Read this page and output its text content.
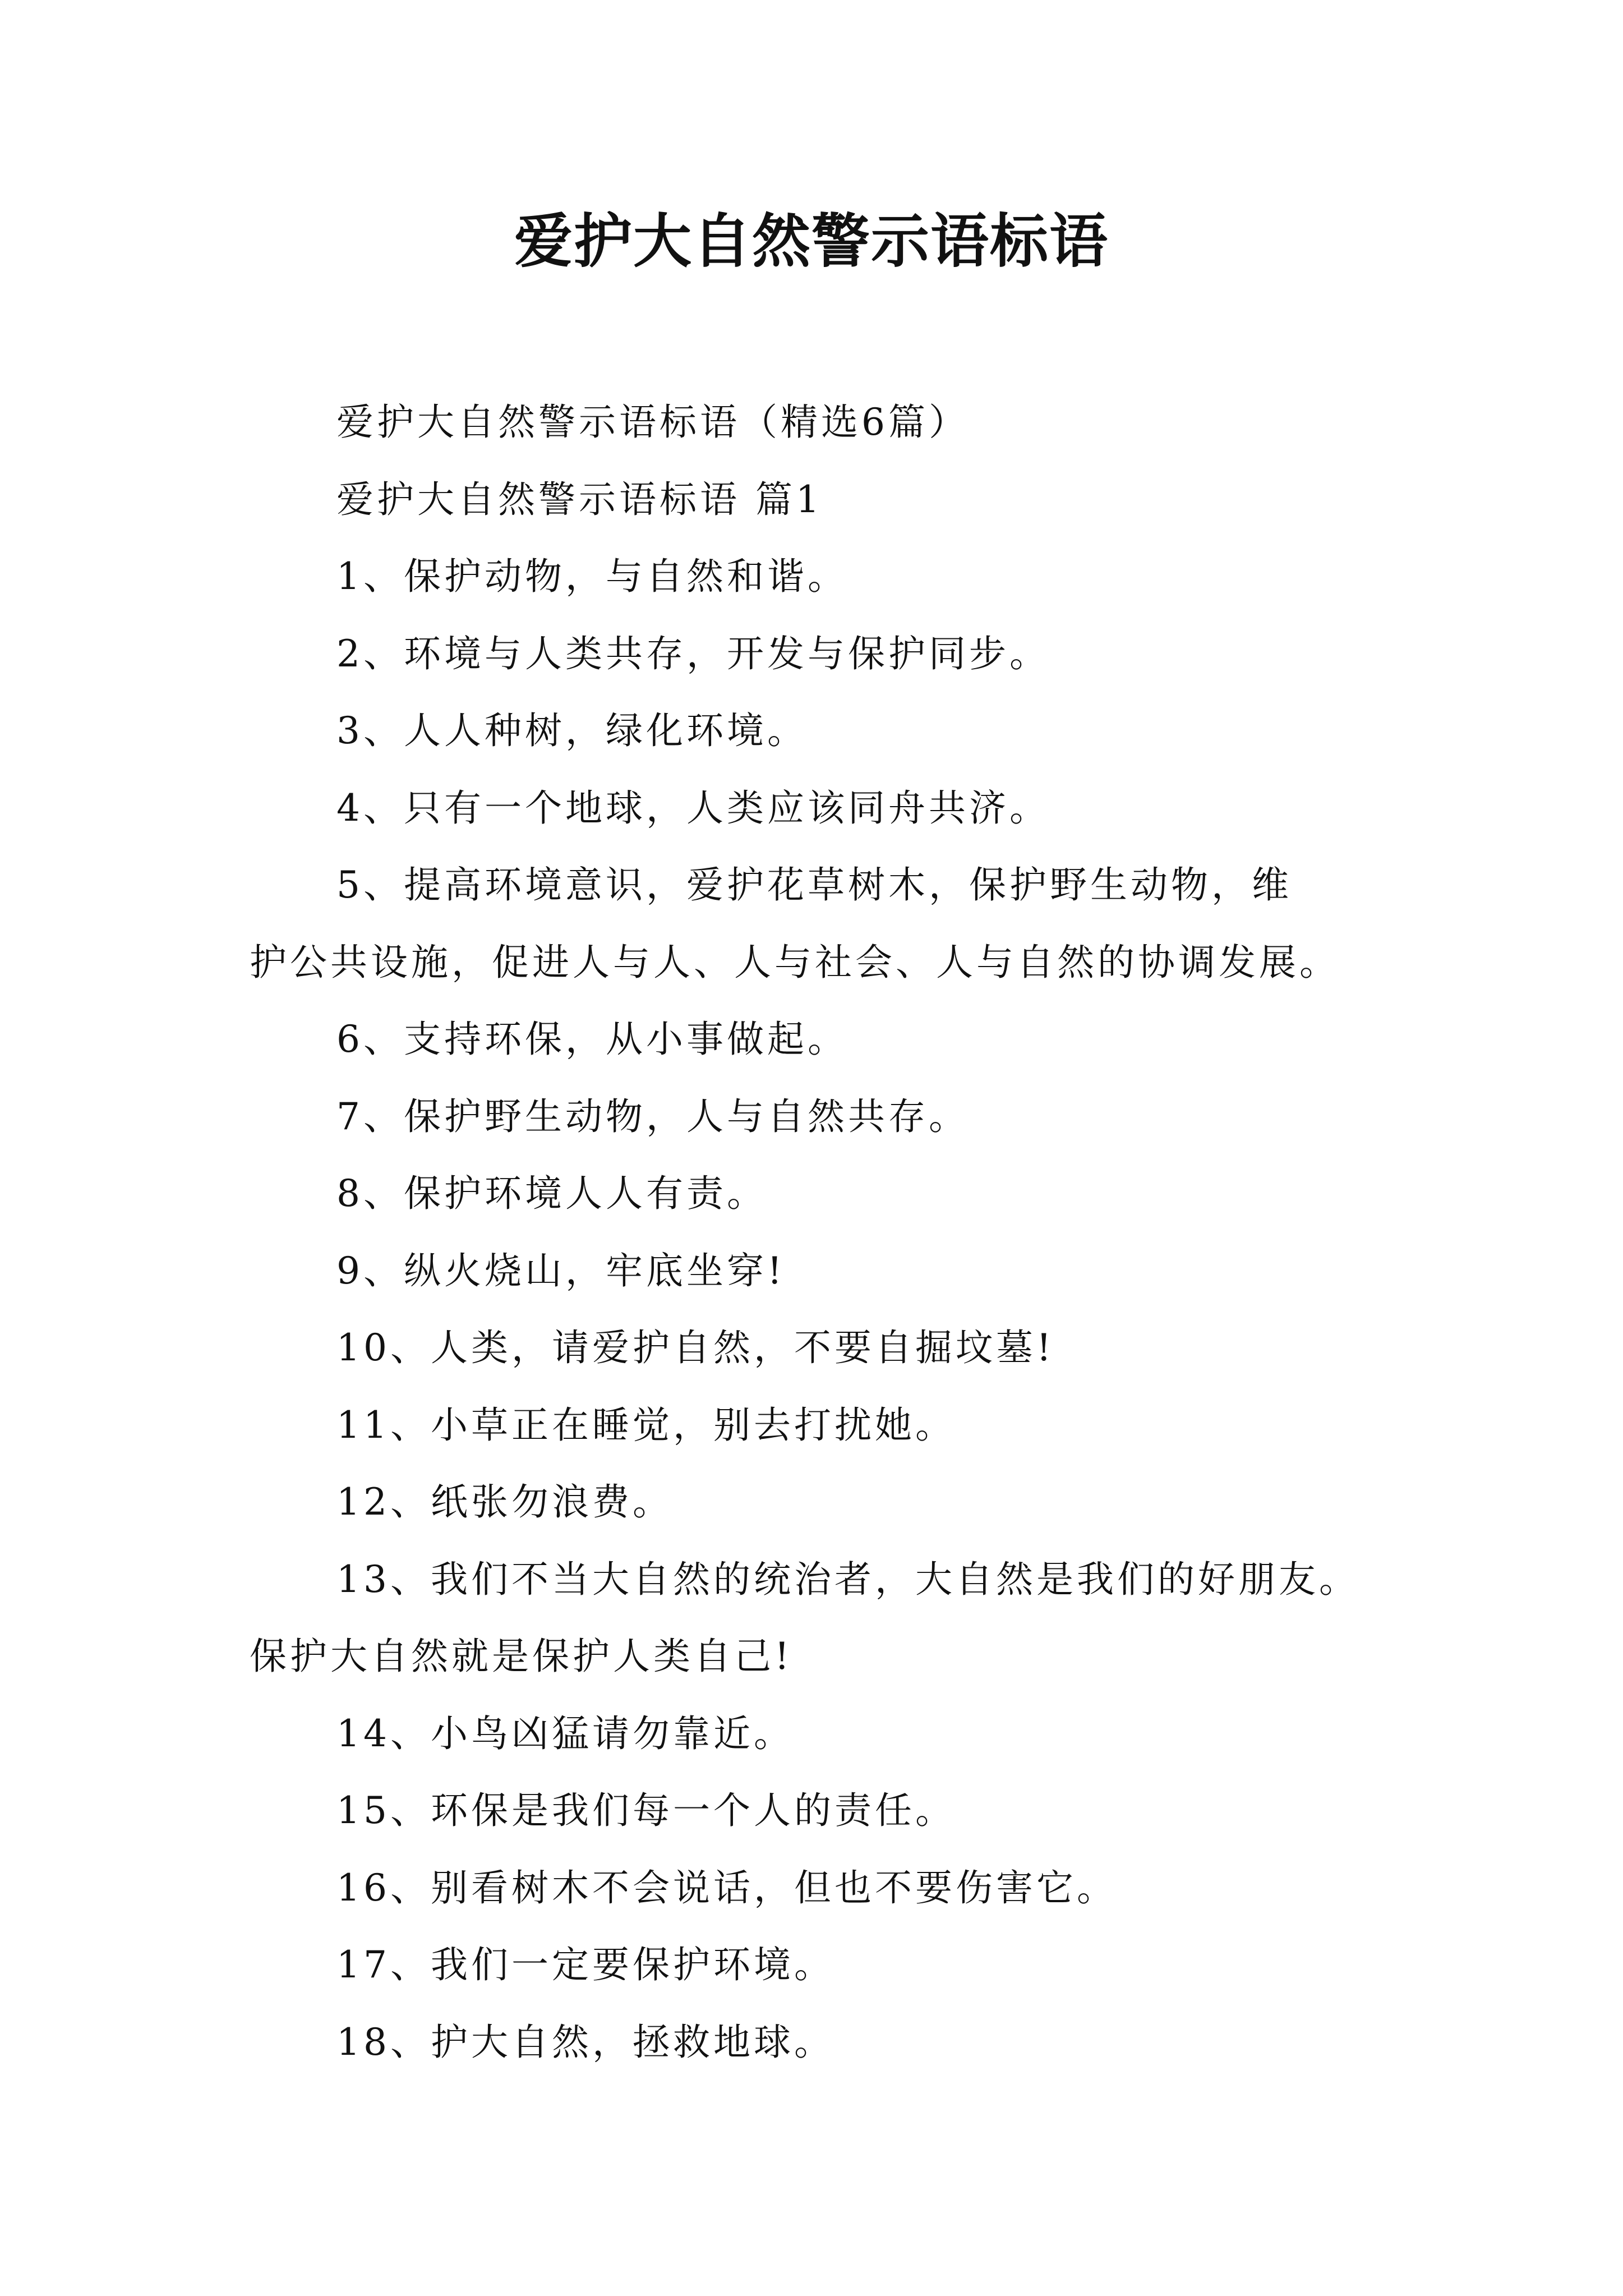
爱护大自然警示语标语

爱护大自然警示语标语（精选6篇）

爱护大自然警示语标语 篇1

1、保护动物，与自然和谐。

2、环境与人类共存，开发与保护同步。

3、人人种树，绿化环境。

4、只有一个地球，人类应该同舟共济。

5、提高环境意识，爱护花草树木，保护野生动物，维

护公共设施，促进人与人、人与社会、人与自然的协调发展。

6、支持环保，从小事做起。

7、保护野生动物，人与自然共存。

8、保护环境人人有责。

9、纵火烧山，牢底坐穿!

10、人类，请爱护自然，不要自掘坟墓!

11、小草正在睡觉，别去打扰她。

12、纸张勿浪费。

13、我们不当大自然的统治者，大自然是我们的好朋友。

保护大自然就是保护人类自己!

14、小鸟凶猛请勿靠近。

15、环保是我们每一个人的责任。

16、别看树木不会说话，但也不要伤害它。

17、我们一定要保护环境。

18、护大自然，拯救地球。
